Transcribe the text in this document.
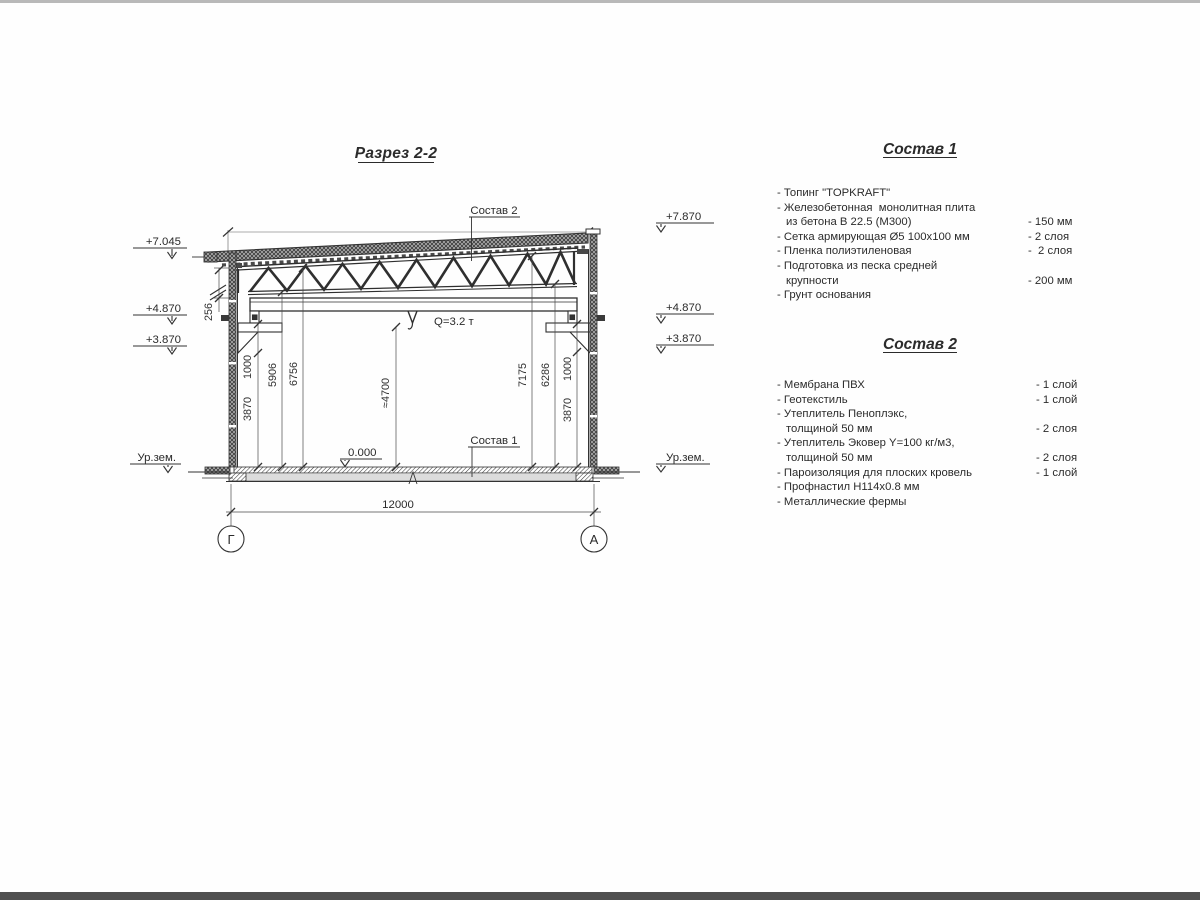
Разрез 2-2
256
1000
3870
5906 6756
≈4700
7175 6286 1000
3870
Q=3.2 т
Состав 2
Состав 1
+7.045
+4.870
+3.870
Ур.зем.
+7.870
+4.870
+3.870
Ур.зем.
0.000
12000
Г	А
Состав 1
- Топинг "TOPKRAFT"
- Железобетонная  монолитная плита
из бетона В 22.5 (М300)	- 150 мм
- Сетка армирующая Ø5 100x100 мм	- 2 слоя
- Пленка полиэтиленовая	-  2 слоя
- Подготовка из песка средней
крупности	- 200 мм
- Грунт основания
Состав 2
- Мембрана ПВХ	- 1 слой
- Геотекстиль	- 1 слой
- Утеплитель Пеноплэкс,
толщиной 50 мм	- 2 слоя
- Утеплитель Эковер Y=100 кг/м3,
толщиной 50 мм	- 2 слоя
- Пароизоляция для плоских кровель	- 1 слой
- Профнастил Н114х0.8 мм
- Металлические фермы
